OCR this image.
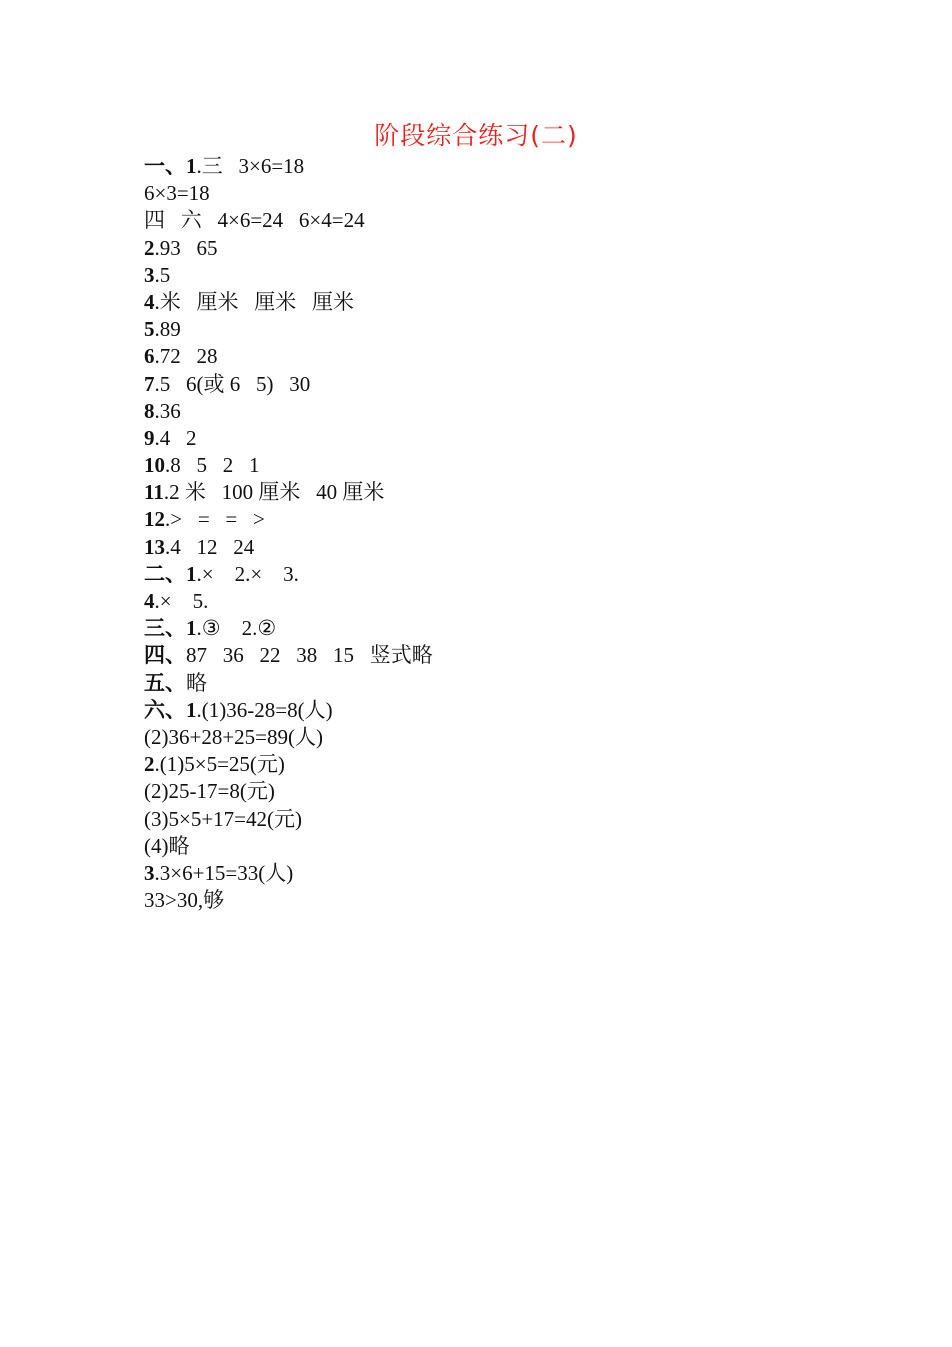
阶段综合练习(二)
一、1.三   3×6=18
6×3=18
四   六   4×6=24   6×4=24
2.93   65
3.5
4.米   厘米   厘米   厘米
5.89
6.72   28
7.5   6(或 6   5)   30
8.36
9.4   2
10.8   5   2   1
11.2 米   100 厘米   40 厘米
12.>   =   =   >
13.4   12   24
二、1.×    2.×    3.
4.×    5.
三、1.③    2.②
四、87   36   22   38   15   竖式略
五、略
六、1.(1)36-28=8(人)
(2)36+28+25=89(人)
2.(1)5×5=25(元)
(2)25-17=8(元)
(3)5×5+17=42(元)
(4)略
3.3×6+15=33(人)
33>30,够
